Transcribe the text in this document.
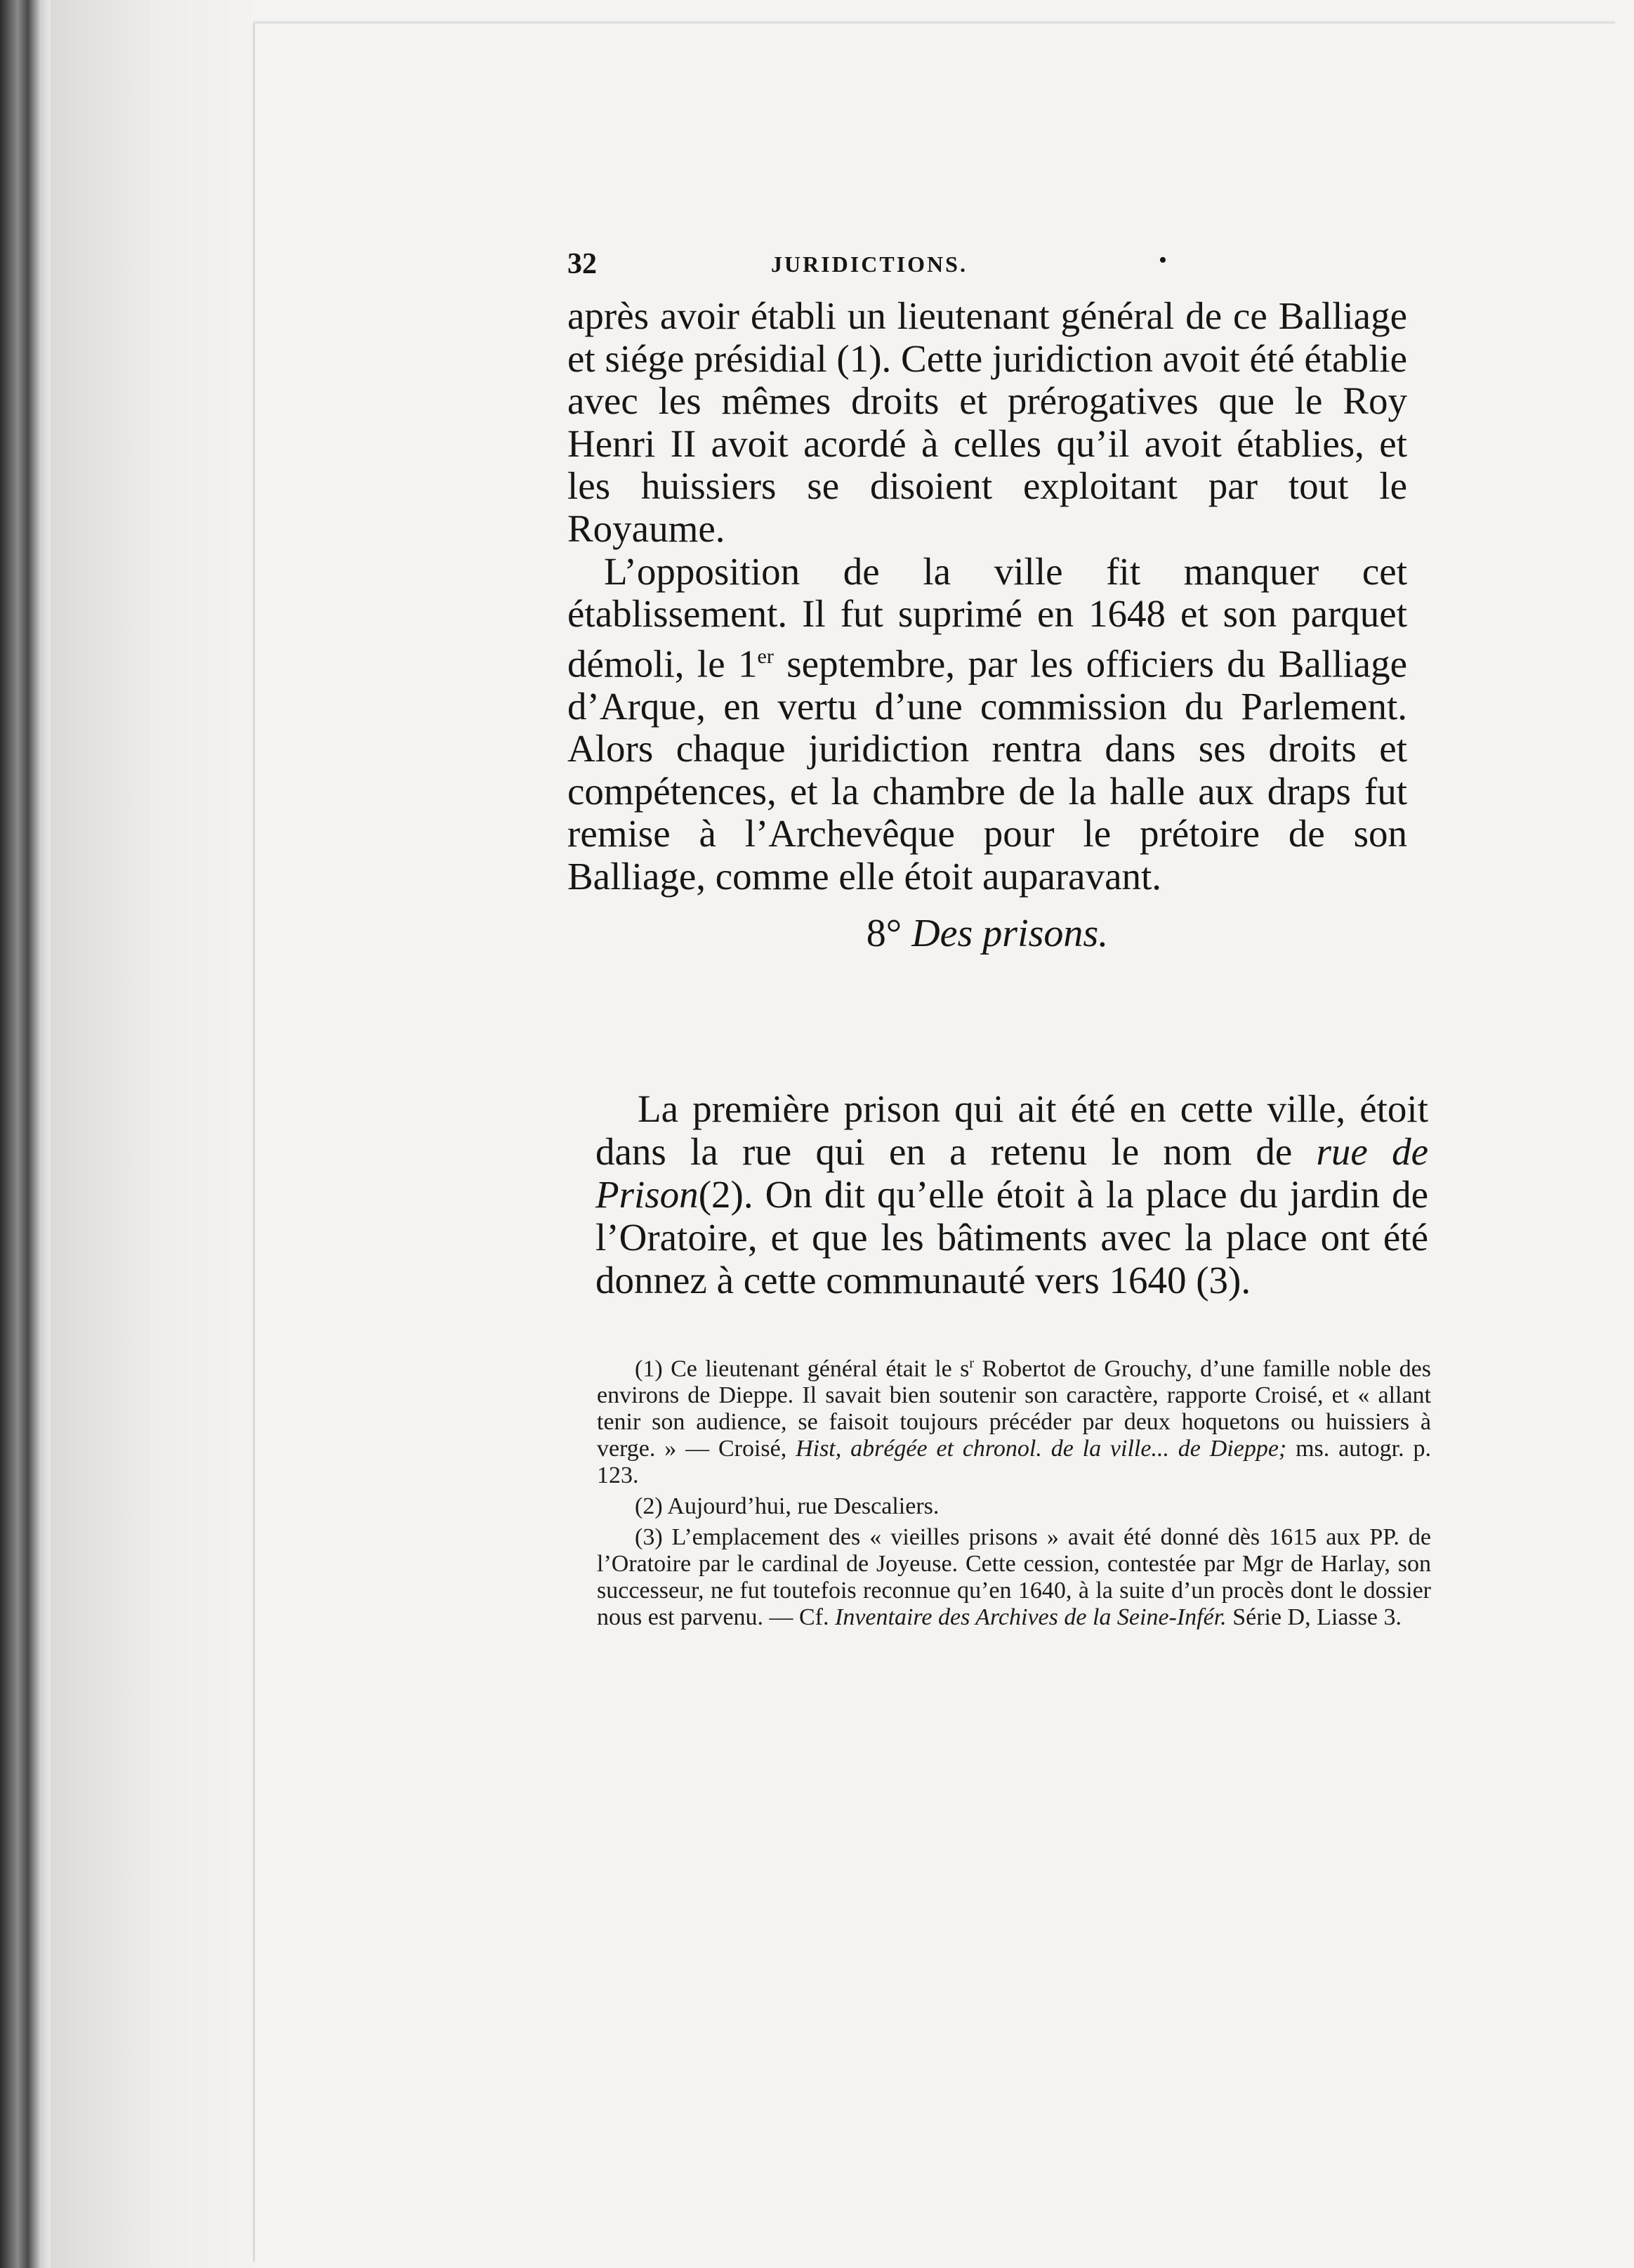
32	JURIDICTIONS.	•

après avoir établi un lieutenant général de ce Balliage et siége présidial (1). Cette juridiction avoit été établie avec les mêmes droits et prérogatives que le Roy Henri II avoit acordé à celles qu’il avoit établies, et les huissiers se disoient exploitant par tout le Royaume.

L’opposition de la ville fit manquer cet établissement. Il fut suprimé en 1648 et son parquet démoli, le 1er septembre, par les officiers du Balliage d’Arque, en vertu d’une commission du Parlement. Alors chaque juridiction rentra dans ses droits et compétences, et la chambre de la halle aux draps fut remise à l’Archevêque pour le prétoire de son Balliage, comme elle étoit auparavant.

8° Des prisons.

La première prison qui ait été en cette ville, étoit dans la rue qui en a retenu le nom de rue de Prison(2). On dit qu’elle étoit à la place du jardin de l’Oratoire, et que les bâtiments avec la place ont été donnez à cette communauté vers 1640 (3).

(1) Ce lieutenant général était le $s^r$ Robertot de Grouchy, d’une famille noble des environs de Dieppe. Il savait bien soutenir son caractère, rapporte Croisé, et « allant tenir son audience, se faisoit toujours précéder par deux hoquetons ou huissiers à verge. » — Croisé, Hist, abrégée et chronol. de la ville... de Dieppe; ms. autogr. p. 123.

(2) Aujourd’hui, rue Descaliers.

(3) L’emplacement des « vieilles prisons » avait été donné dès 1615 aux PP. de l’Oratoire par le cardinal de Joyeuse. Cette cession, contestée par Mgr de Harlay, son successeur, ne fut toutefois reconnue qu’en 1640, à la suite d’un procès dont le dossier nous est parvenu. — Cf. Inventaire des Archives de la Seine-Infér. Série D, Liasse 3.
